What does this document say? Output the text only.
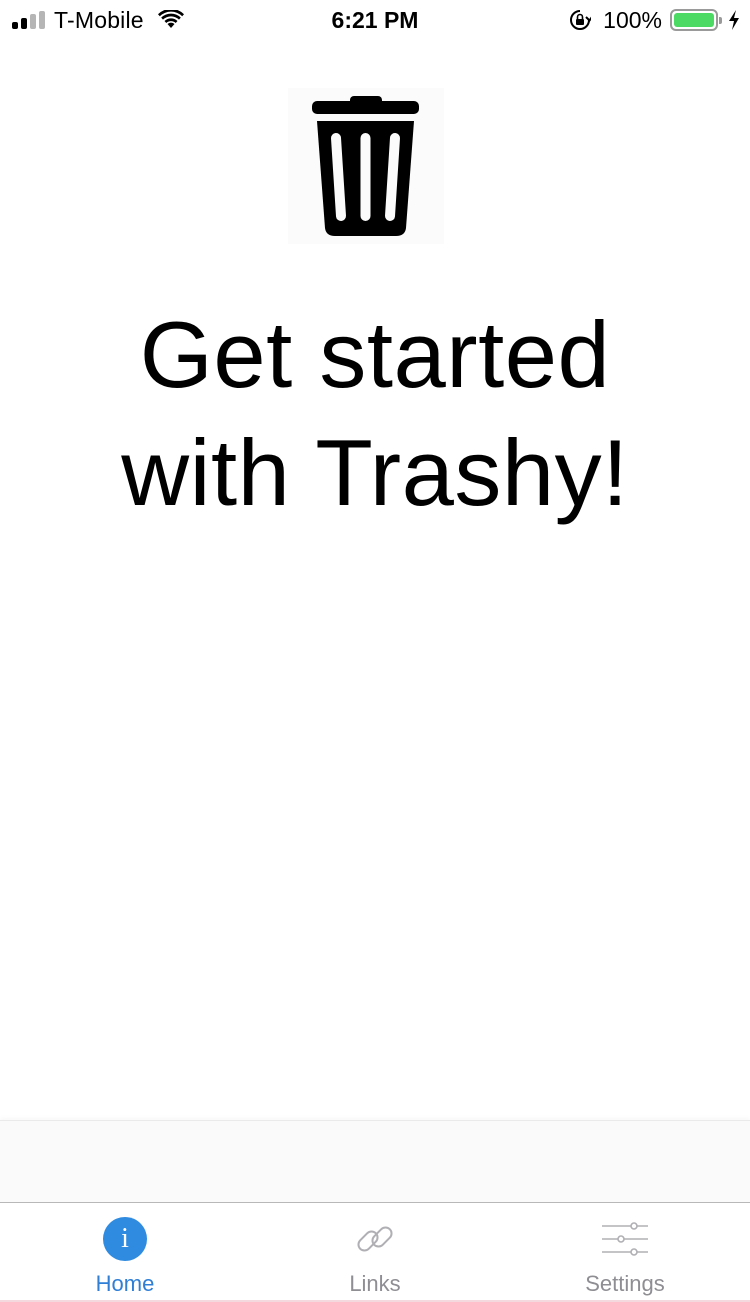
T-Mobile	6:21 PM	100%
Get started
with Trashy!
i
Home	Links	Settings
